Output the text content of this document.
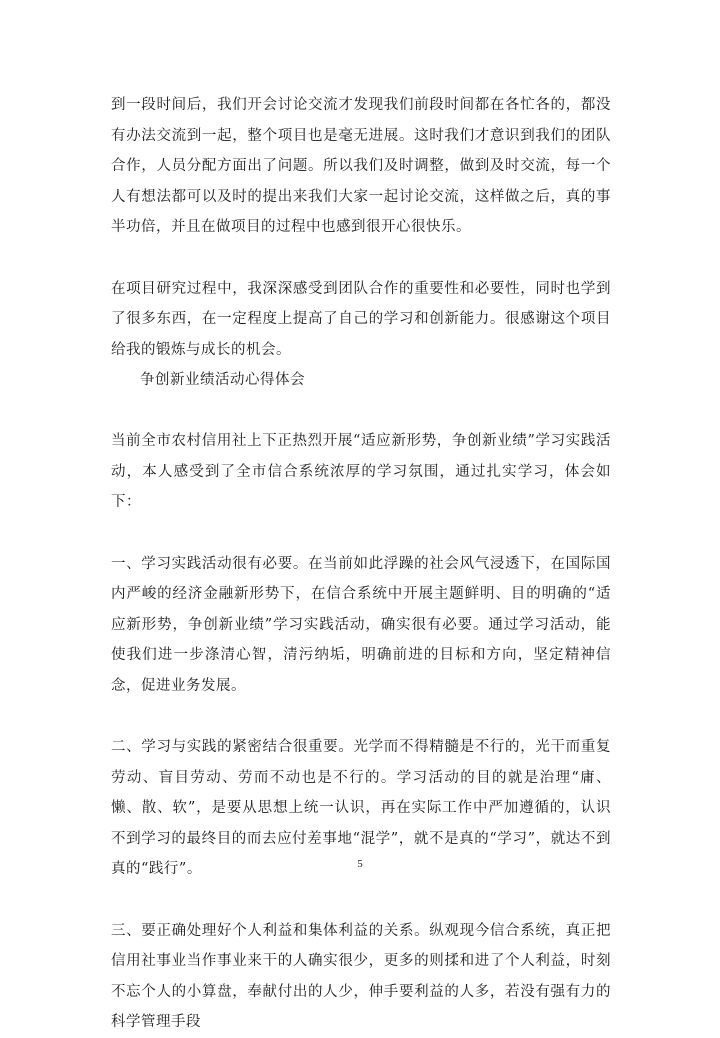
到一段时间后，我们开会讨论交流才发现我们前段时间都在各忙各的，都没有办法交流到一起，整个项目也是毫无进展。这时我们才意识到我们的团队合作，人员分配方面出了问题。所以我们及时调整，做到及时交流，每一个人有想法都可以及时的提出来我们大家一起讨论交流，这样做之后，真的事半功倍，并且在做项目的过程中也感到很开心很快乐。

在项目研究过程中，我深深感受到团队合作的重要性和必要性，同时也学到了很多东西，在一定程度上提高了自己的学习和创新能力。很感谢这个项目给我的锻炼与成长的机会。

争创新业绩活动心得体会

当前全市农村信用社上下正热烈开展“适应新形势，争创新业绩”学习实践活动，本人感受到了全市信合系统浓厚的学习氛围，通过扎实学习，体会如下：

一、学习实践活动很有必要。在当前如此浮躁的社会风气浸透下，在国际国内严峻的经济金融新形势下，在信合系统中开展主题鲜明、目的明确的“适应新形势，争创新业绩”学习实践活动，确实很有必要。通过学习活动，能使我们进一步涤清心智，清污纳垢，明确前进的目标和方向，坚定精神信念，促进业务发展。

二、学习与实践的紧密结合很重要。光学而不得精髓是不行的，光干而重复劳动、盲目劳动、劳而不动也是不行的。学习活动的目的就是治理“庸、懒、散、软”，是要从思想上统一认识，再在实际工作中严加遵循的，认识不到学习的最终目的而去应付差事地“混学”，就不是真的“学习”，就达不到真的“践行”。

三、要正确处理好个人利益和集体利益的关系。纵观现今信合系统，真正把信用社事业当作事业来干的人确实很少，更多的则揉和进了个人利益，时刻不忘个人的小算盘，奉献付出的人少，伸手要利益的人多，若没有强有力的科学管理手段

5
